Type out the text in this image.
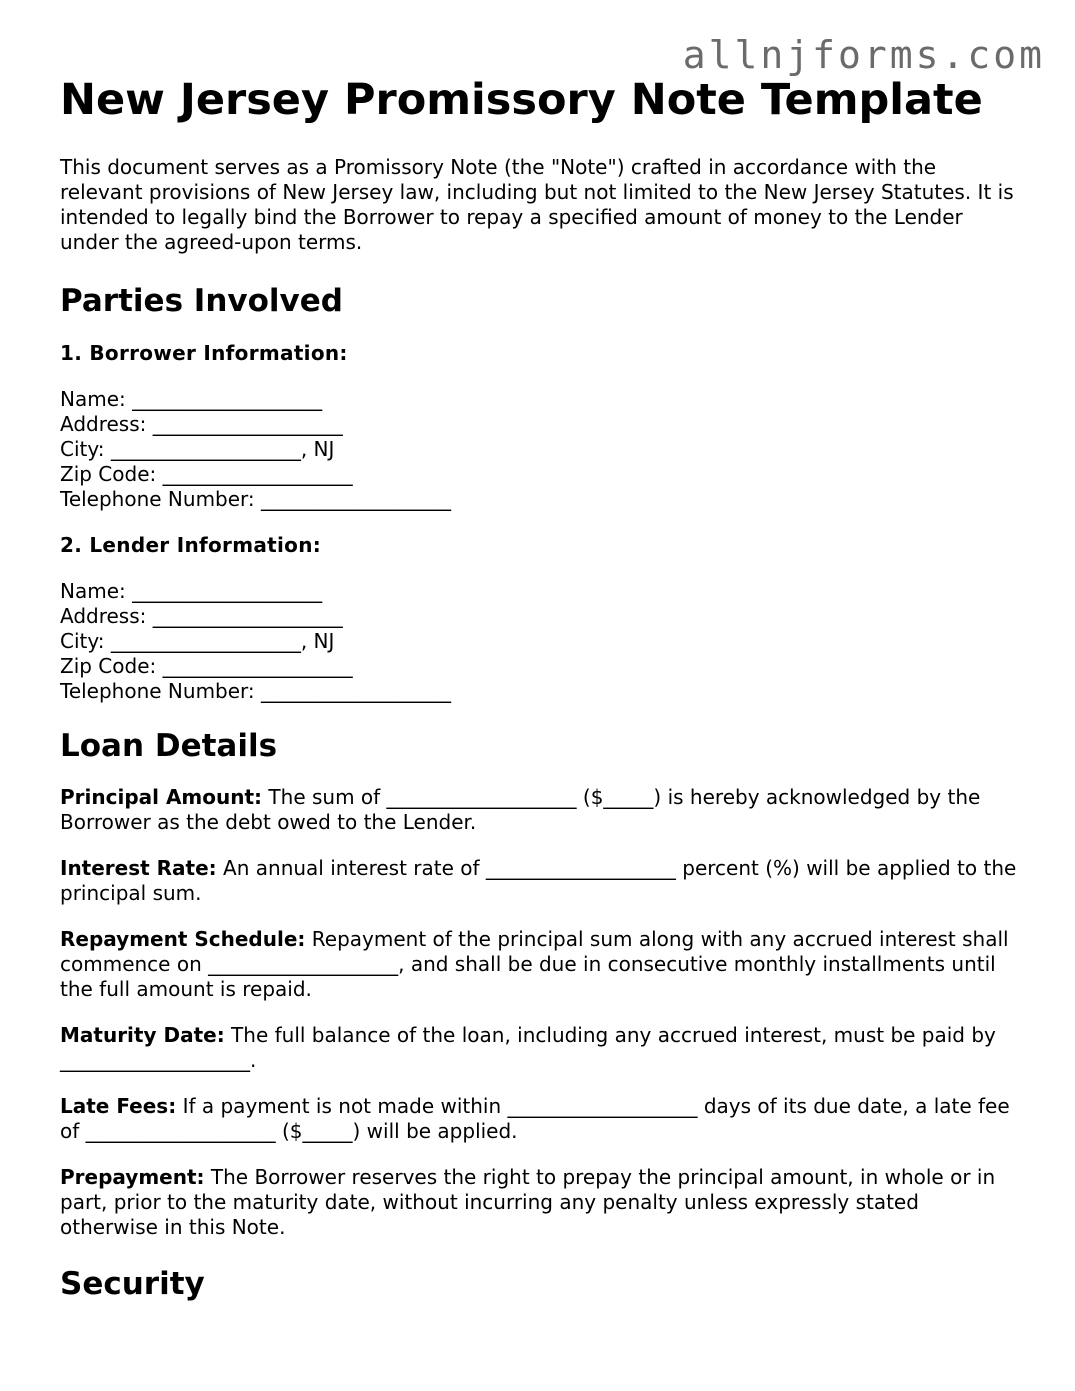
allnjforms.com
New Jersey Promissory Note Template

This document serves as a Promissory Note (the "Note") crafted in accordance with the relevant provisions of New Jersey law, including but not limited to the New Jersey Statutes. It is intended to legally bind the Borrower to repay a specified amount of money to the Lender under the agreed-upon terms.

Parties Involved
1. Borrower Information:
Name: ___________________
Address: ___________________
City: ___________________, NJ
Zip Code: ___________________
Telephone Number: ___________________
2. Lender Information:
Name: ___________________
Address: ___________________
City: ___________________, NJ
Zip Code: ___________________
Telephone Number: ___________________
Loan Details

Principal Amount: The sum of ___________________ ($_____) is hereby acknowledged by the Borrower as the debt owed to the Lender.

Interest Rate: An annual interest rate of ___________________ percent (%) will be applied to the principal sum.

Repayment Schedule: Repayment of the principal sum along with any accrued interest shall commence on ___________________, and shall be due in consecutive monthly installments until the full amount is repaid.

Maturity Date: The full balance of the loan, including any accrued interest, must be paid by ___________________.

Late Fees: If a payment is not made within ___________________ days of its due date, a late fee of ___________________ ($_____) will be applied.

Prepayment: The Borrower reserves the right to prepay the principal amount, in whole or in part, prior to the maturity date, without incurring any penalty unless expressly stated otherwise in this Note.

Security
